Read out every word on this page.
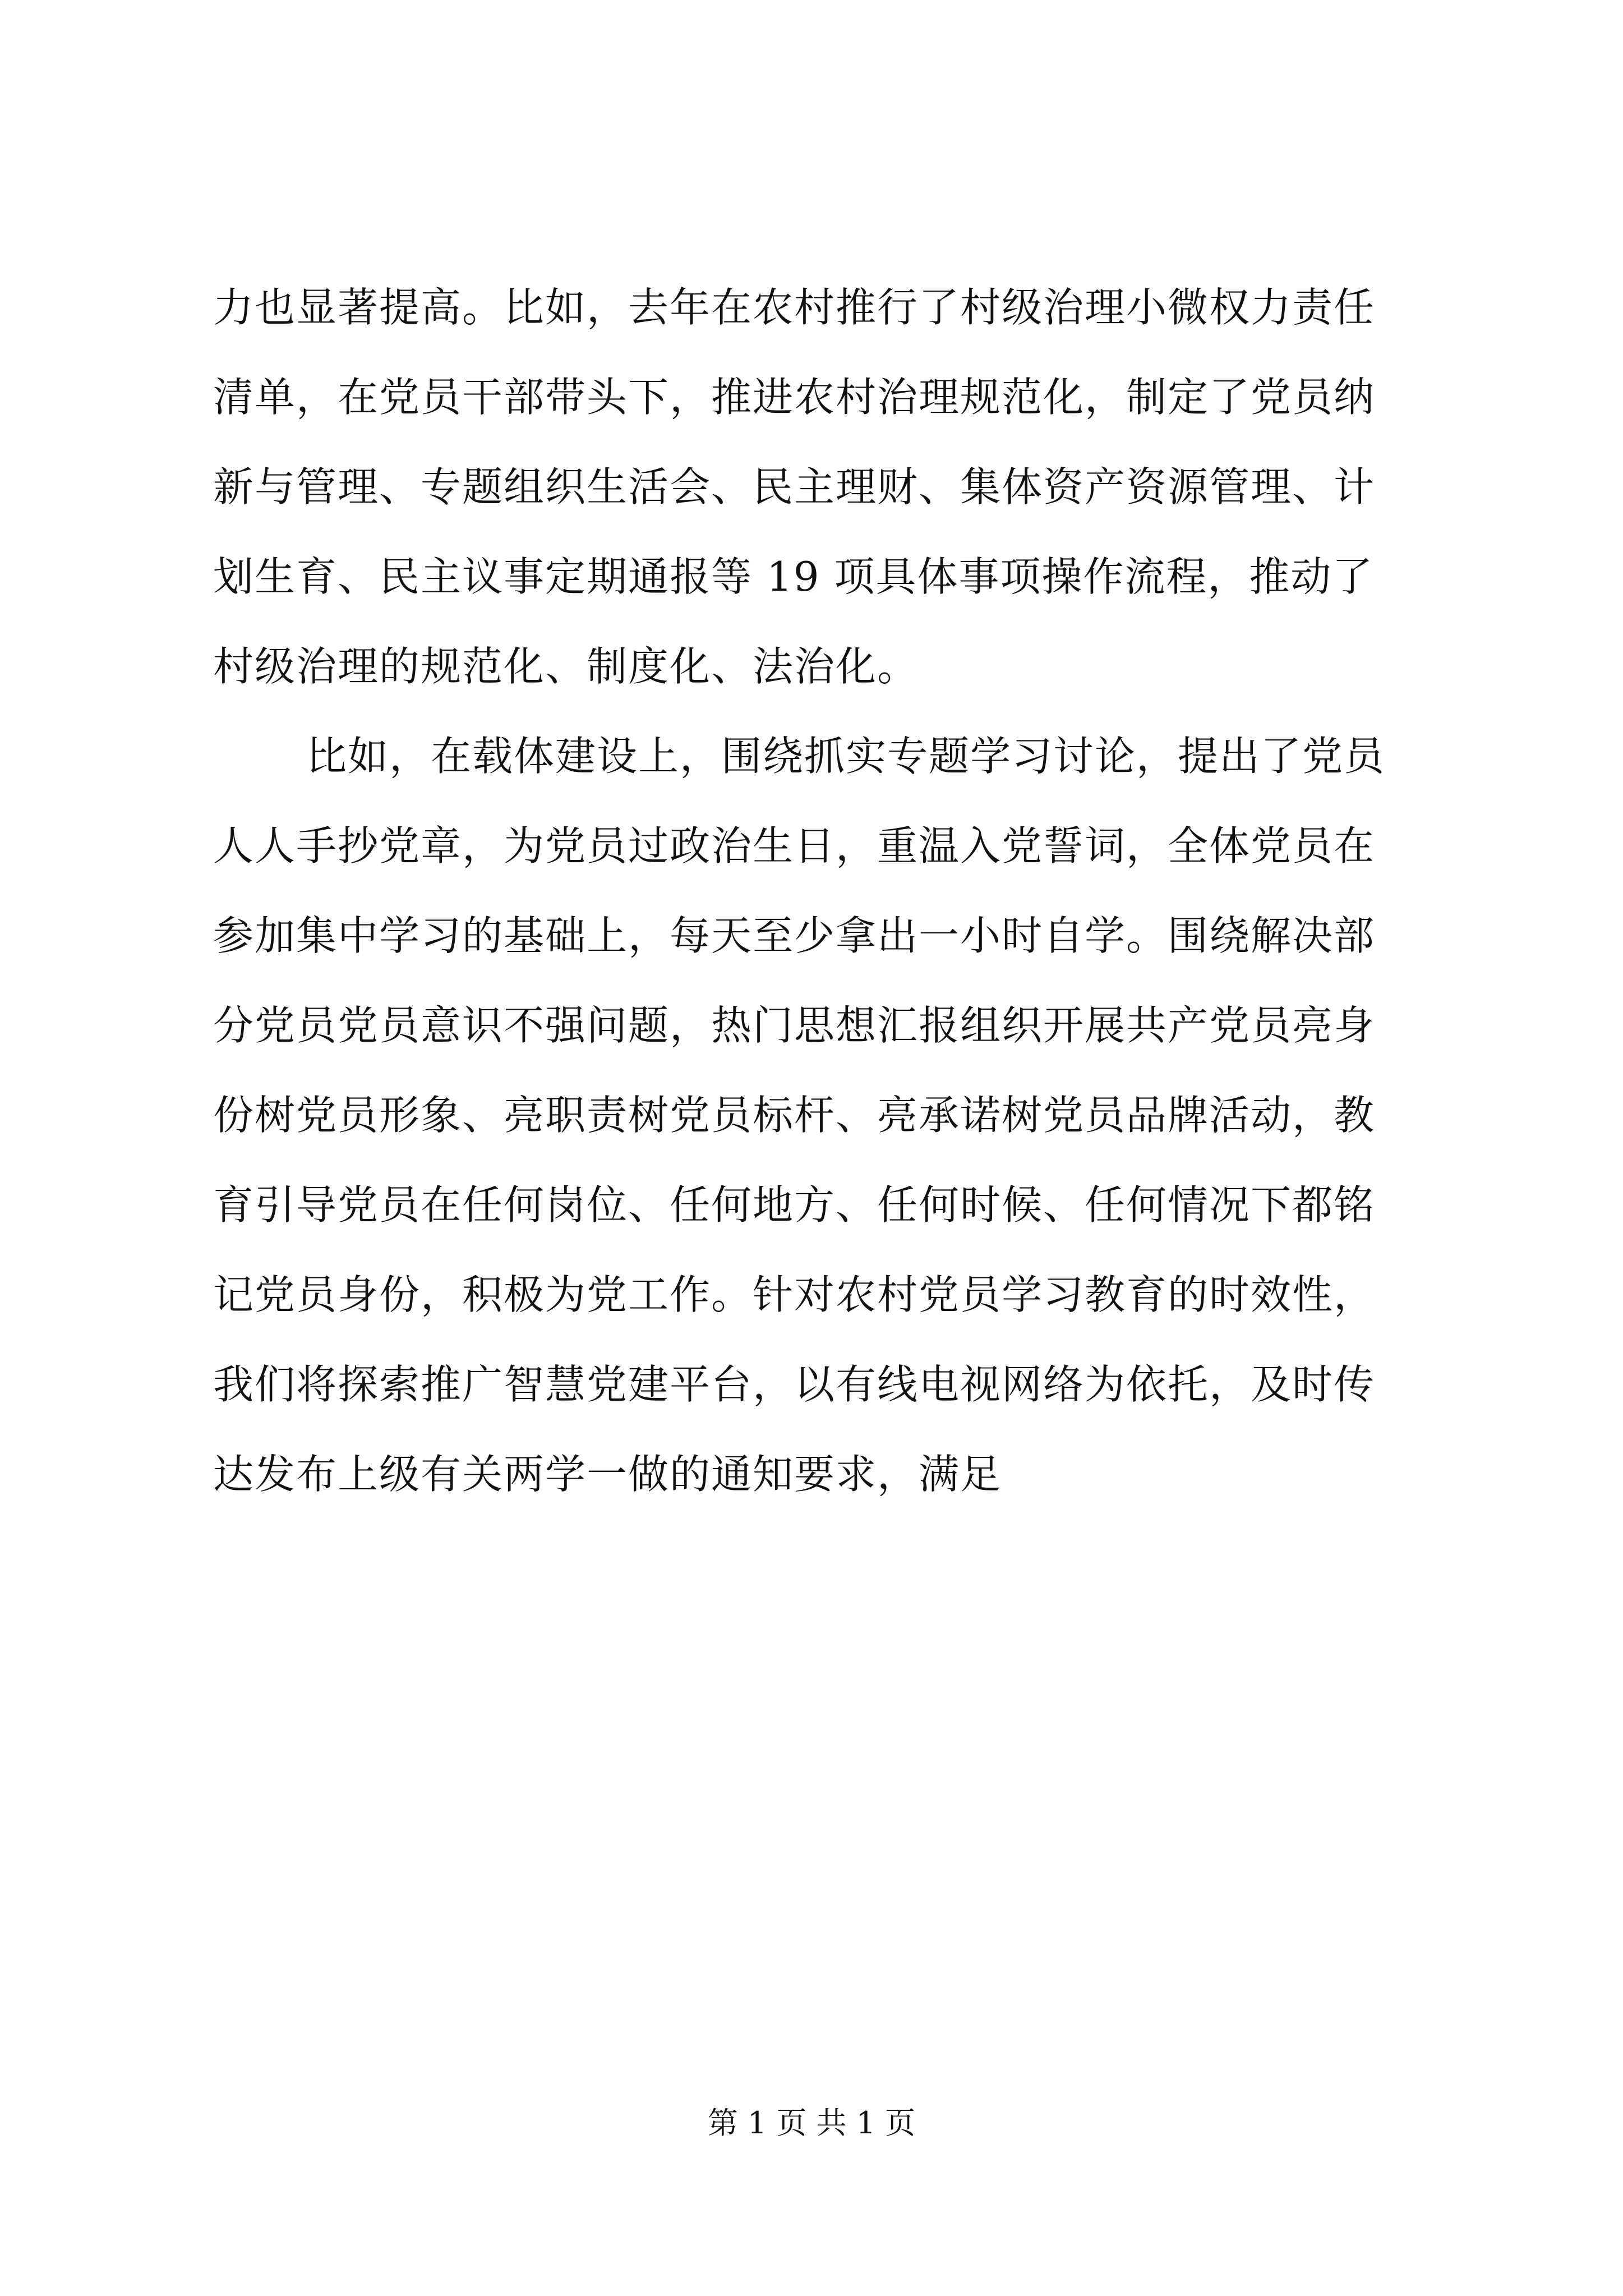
力也显著提高。比如，去年在农村推行了村级治理小微权力责任
清单，在党员干部带头下，推进农村治理规范化，制定了党员纳
新与管理、专题组织生活会、民主理财、集体资产资源管理、计
划生育、民主议事定期通报等 19 项具体事项操作流程，推动了
村级治理的规范化、制度化、法治化。
比如，在载体建设上，围绕抓实专题学习讨论，提出了党员
人人手抄党章，为党员过政治生日，重温入党誓词，全体党员在
参加集中学习的基础上，每天至少拿出一小时自学。围绕解决部
分党员党员意识不强问题，热门思想汇报组织开展共产党员亮身
份树党员形象、亮职责树党员标杆、亮承诺树党员品牌活动，教
育引导党员在任何岗位、任何地方、任何时候、任何情况下都铭
记党员身份，积极为党工作。针对农村党员学习教育的时效性，
我们将探索推广智慧党建平台，以有线电视网络为依托，及时传
达发布上级有关两学一做的通知要求，满足
第 1 页 共 1 页
